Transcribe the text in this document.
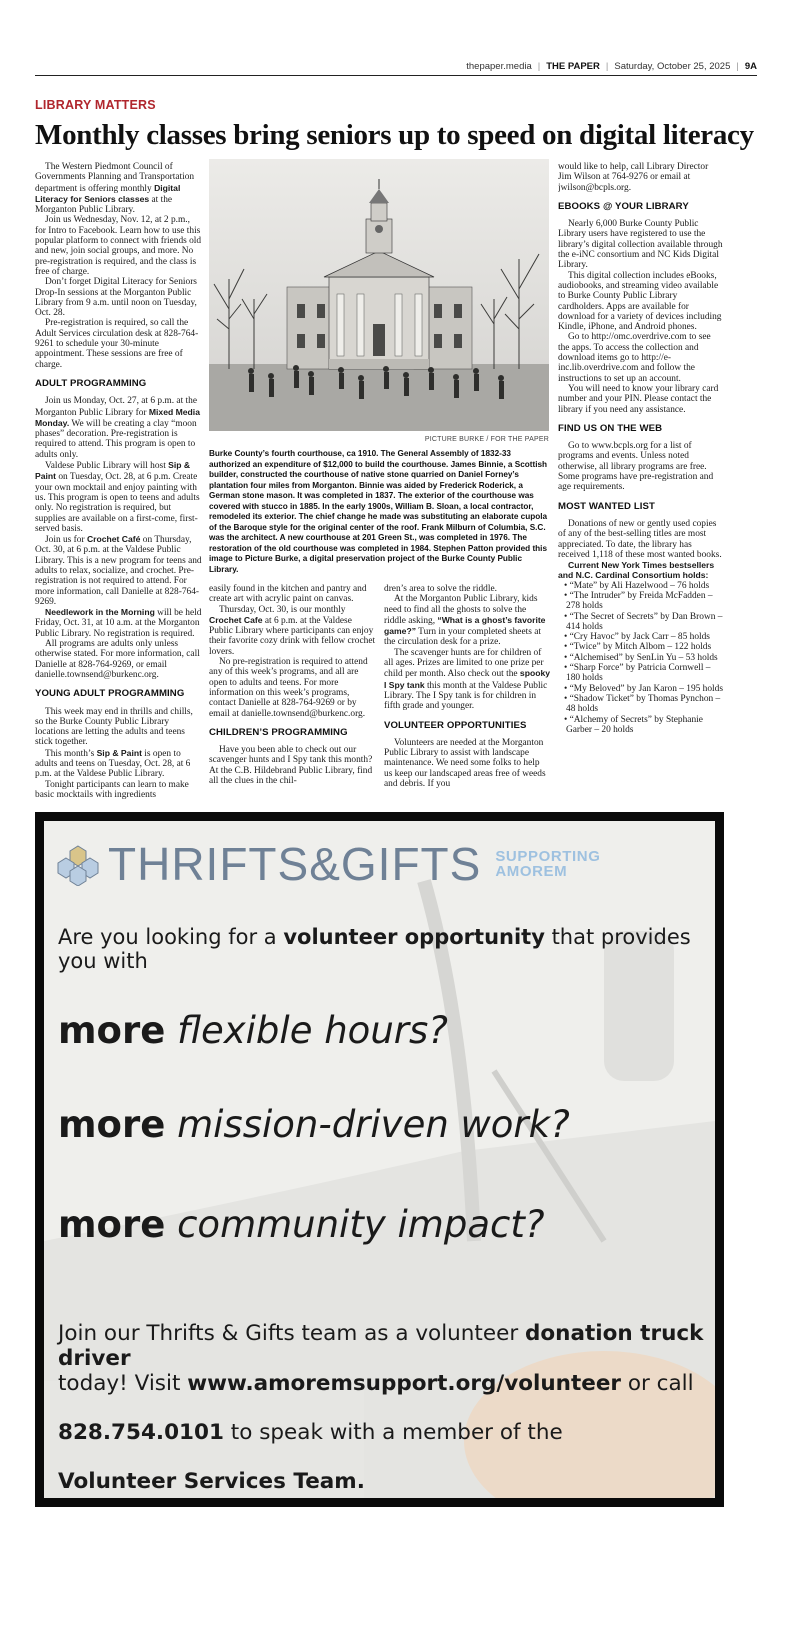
thepaper.media | THE PAPER | Saturday, October 25, 2025 | 9A
LIBRARY MATTERS
Monthly classes bring seniors up to speed on digital literacy

The Western Piedmont Council of Governments Planning and Transportation department is offering monthly Digital Literacy for Seniors classes at the Morganton Public Library.

Join us Wednesday, Nov. 12, at 2 p.m., for Intro to Facebook. Learn how to use this popular platform to connect with friends old and new, join social groups, and more. No pre-registration is required, and the class is free of charge.

Don’t forget Digital Literacy for Seniors Drop-In sessions at the Morganton Public Library from 9 a.m. until noon on Tuesday, Oct. 28.

Pre-registration is required, so call the Adult Services circulation desk at 828-764-9261 to schedule your 30-minute appointment. These sessions are free of charge.

ADULT PROGRAMMING

Join us Monday, Oct. 27, at 6 p.m. at the Morganton Public Library for Mixed Media Monday. We will be creating a clay “moon phases” decoration. Pre-registration is required to attend. This program is open to adults only.

Valdese Public Library will host Sip & Paint on Tuesday, Oct. 28, at 6 p.m. Create your own mocktail and enjoy painting with us. This program is open to teens and adults only. No registration is required, but supplies are available on a first-come, first-served basis.

Join us for Crochet Café on Thursday, Oct. 30, at 6 p.m. at the Valdese Public Library. This is a new program for teens and adults to relax, socialize, and crochet. Pre-registration is not required to attend. For more information, call Danielle at 828-764-9269.

Needlework in the Morning will be held Friday, Oct. 31, at 10 a.m. at the Morganton Public Library. No registration is required.

All programs are adults only unless otherwise stated. For more information, call Danielle at 828-764-9269, or email danielle.townsend@burkenc.org.

YOUNG ADULT PROGRAMMING

This week may end in thrills and chills, so the Burke County Public Library locations are letting the adults and teens stick together.

This month’s Sip & Paint is open to adults and teens on Tuesday, Oct. 28, at 6 p.m. at the Valdese Public Library.

Tonight participants can learn to make basic mocktails with ingredients

PICTURE BURKE / FOR THE PAPER
Burke County’s fourth courthouse, ca 1910. The General Assembly of 1832-33 authorized an expenditure of $12,000 to build the courthouse. James Binnie, a Scottish builder, constructed the courthouse of native stone quarried on Daniel Forney’s plantation four miles from Morganton. Binnie was aided by Frederick Roderick, a German stone mason. It was completed in 1837. The exterior of the courthouse was covered with stucco in 1885. In the early 1900s, William B. Sloan, a local contractor, remodeled its exterior. The chief change he made was substituting an elaborate cupola of the Baroque style for the original center of the roof. Frank Milburn of Columbia, S.C. was the architect. A new courthouse at 201 Green St., was completed in 1976. The restoration of the old courthouse was completed in 1984. Stephen Patton provided this image to Picture Burke, a digital preservation project of the Burke County Public Library.

easily found in the kitchen and pantry and create art with acrylic paint on canvas.

Thursday, Oct. 30, is our monthly Crochet Cafe at 6 p.m. at the Valdese Public Library where participants can enjoy their favorite cozy drink with fellow crochet lovers.

No pre-registration is required to attend any of this week’s programs, and all are open to adults and teens. For more information on this week’s programs, contact Danielle at 828-764-9269 or by email at danielle.townsend@burkenc.org.

CHILDREN’S PROGRAMMING

Have you been able to check out our scavenger hunts and I Spy tank this month? At the C.B. Hildebrand Public Library, find all the clues in the chil-

dren’s area to solve the riddle.

At the Morganton Public Library, kids need to find all the ghosts to solve the riddle asking, “What is a ghost’s favorite game?” Turn in your completed sheets at the circulation desk for a prize.

The scavenger hunts are for children of all ages. Prizes are limited to one prize per child per month. Also check out the spooky I Spy tank this month at the Valdese Public Library. The I Spy tank is for children in fifth grade and younger.

VOLUNTEER OPPORTUNITIES

Volunteers are needed at the Morganton Public Library to assist with landscape maintenance. We need some folks to help us keep our landscaped areas free of weeds and debris. If you

would like to help, call Library Director Jim Wilson at 764-9276 or email at jwilson@bcpls.org.

EBOOKS @ YOUR LIBRARY

Nearly 6,000 Burke County Public Library users have registered to use the library’s digital collection available through the e-iNC consortium and NC Kids Digital Library.

This digital collection includes eBooks, audiobooks, and streaming video available to Burke County Public Library cardholders. Apps are available for download for a variety of devices including Kindle, iPhone, and Android phones.

Go to http://omc.overdrive.com to see the apps. To access the collection and download items go to http://e-inc.lib.overdrive.com and follow the instructions to set up an account.

You will need to know your library card number and your PIN. Please contact the library if you need any assistance.

FIND US ON THE WEB

Go to www.bcpls.org for a list of programs and events. Unless noted otherwise, all library programs are free. Some programs have pre-registration and age requirements.

MOST WANTED LIST

Donations of new or gently used copies of any of the best-selling titles are most appreciated. To date, the library has received 1,118 of these most wanted books.

Current New York Times bestsellers and N.C. Cardinal Consortium holds:

• “Mate” by Ali Hazelwood – 76 holds
• “The Intruder” by Freida McFadden – 278 holds
• “The Secret of Secrets” by Dan Brown – 414 holds
• “Cry Havoc” by Jack Carr – 85 holds
• “Twice” by Mitch Albom – 122 holds
• “Alchemised” by SenLin Yu – 53 holds
• “Sharp Force” by Patricia Cornwell – 180 holds
• “My Beloved” by Jan Karon – 195 holds
• “Shadow Ticket” by Thomas Pynchon – 48 holds
• “Alchemy of Secrets” by Stephanie Garber – 20 holds
THRIFTS&GIFTS SUPPORTING
AMOREM
Are you looking for a volunteer opportunity that provides you with
more flexible hours?
more mission-driven work?
more community impact?
Join our Thrifts & Gifts team as a volunteer donation truck driver
today! Visit www.amoremsupport.org/volunteer or call
828.754.0101 to speak with a member of the
Volunteer Services Team.
